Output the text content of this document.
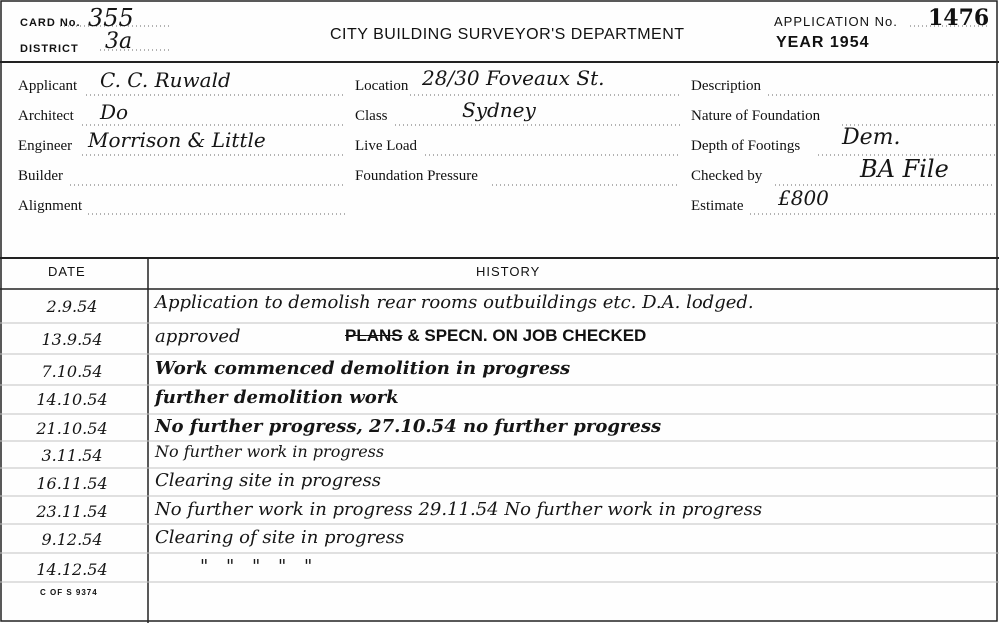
CARD No. 355
DISTRICT 3a	CITY BUILDING SURVEYOR'S DEPARTMENT
APPLICATION No. 1476
YEAR 1954
Applicant C. C. Ruwald
Architect Do
Engineer Morrison & Little
Builder
Alignment
Location 28/30 Foveaux St.
Class	Sydney
Live Load
Foundation Pressure
Description
Nature of Foundation
Depth of Footings Dem.
Checked by	BA File
Estimate £800
DATE	HISTORY
2.9.54	Application to demolish rear rooms outbuildings etc. D.A. lodged.
13.9.54	approved	PLANS & SPECN. ON JOB CHECKED
7.10.54	Work commenced demolition in progress
14.10.54	further demolition work
21.10.54	No further progress, 27.10.54 no further progress
3.11.54	No further work in progress
16.11.54	Clearing site in progress
23.11.54	No further work in progress 29.11.54 No further work in progress
9.12.54	Clearing of site in progress
14.12.54	" " " " "
C OF S 9374
